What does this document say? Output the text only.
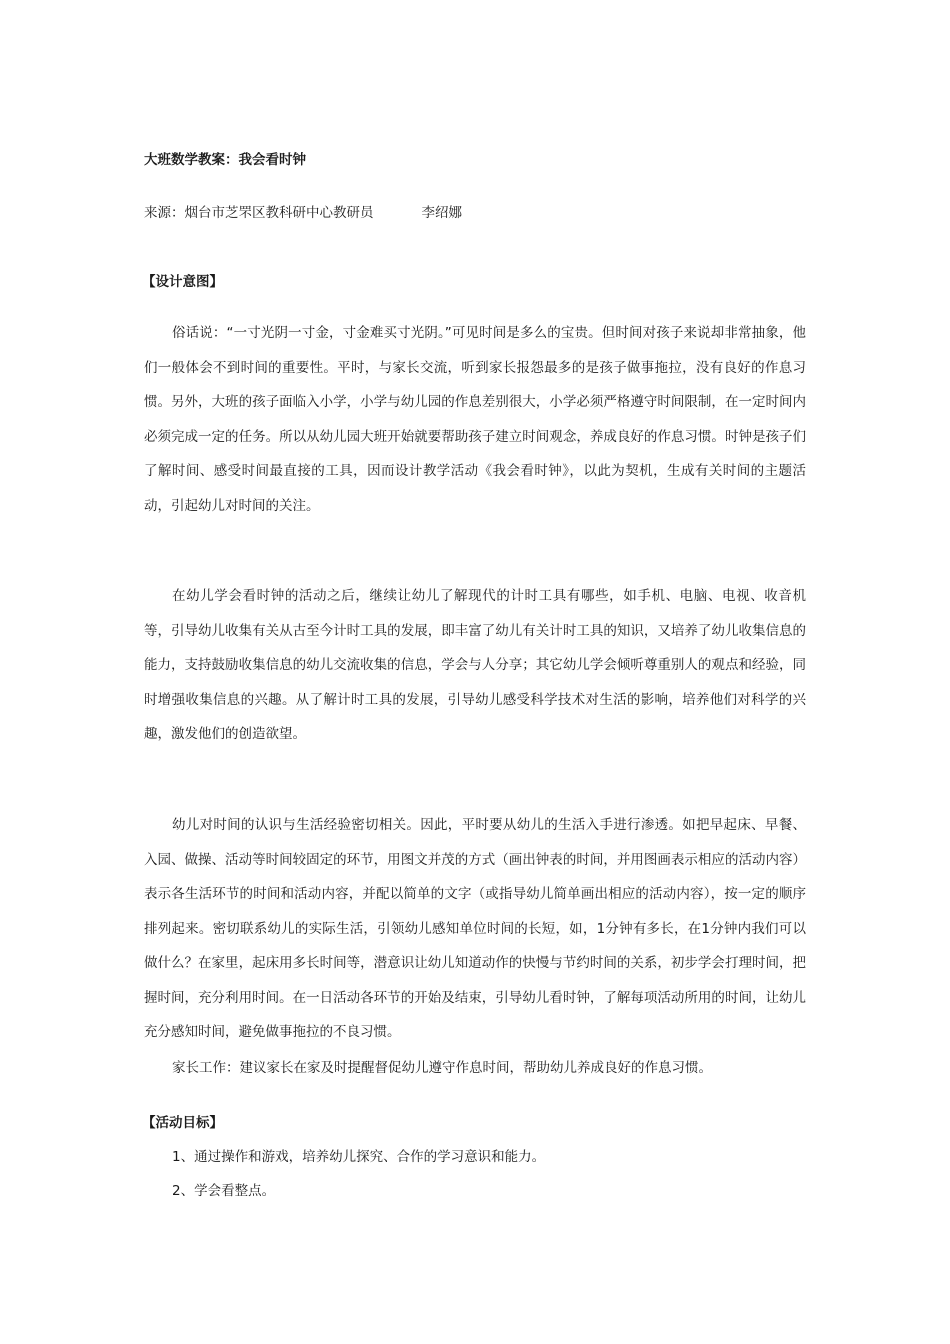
大班数学教案：我会看时钟
来源：烟台市芝罘区教科研中心教研员	李绍娜
【设计意图】

俗话说：“一寸光阴一寸金，寸金难买寸光阴。”可见时间是多么的宝贵。但时间对孩子来说却非常抽象，他们一般体会不到时间的重要性。平时，与家长交流，听到家长报怨最多的是孩子做事拖拉，没有良好的作息习惯。另外，大班的孩子面临入小学，小学与幼儿园的作息差别很大，小学必须严格遵守时间限制，在一定时间内必须完成一定的任务。所以从幼儿园大班开始就要帮助孩子建立时间观念，养成良好的作息习惯。时钟是孩子们了解时间、感受时间最直接的工具，因而设计教学活动《我会看时钟》，以此为契机，生成有关时间的主题活动，引起幼儿对时间的关注。

在幼儿学会看时钟的活动之后，继续让幼儿了解现代的计时工具有哪些，如手机、电脑、电视、收音机等，引导幼儿收集有关从古至今计时工具的发展，即丰富了幼儿有关计时工具的知识，又培养了幼儿收集信息的能力，支持鼓励收集信息的幼儿交流收集的信息，学会与人分享；其它幼儿学会倾听尊重别人的观点和经验，同时增强收集信息的兴趣。从了解计时工具的发展，引导幼儿感受科学技术对生活的影响，培养他们对科学的兴趣，激发他们的创造欲望。

幼儿对时间的认识与生活经验密切相关。因此，平时要从幼儿的生活入手进行渗透。如把早起床、早餐、入园、做操、活动等时间较固定的环节，用图文并茂的方式（画出钟表的时间，并用图画表示相应的活动内容）表示各生活环节的时间和活动内容，并配以简单的文字（或指导幼儿简单画出相应的活动内容），按一定的顺序排列起来。密切联系幼儿的实际生活，引领幼儿感知单位时间的长短，如，1分钟有多长，在1分钟内我们可以做什么？在家里，起床用多长时间等，潜意识让幼儿知道动作的快慢与节约时间的关系，初步学会打理时间，把握时间，充分利用时间。在一日活动各环节的开始及结束，引导幼儿看时钟，了解每项活动所用的时间，让幼儿充分感知时间，避免做事拖拉的不良习惯。

家长工作：建议家长在家及时提醒督促幼儿遵守作息时间，帮助幼儿养成良好的作息习惯。

【活动目标】
1、通过操作和游戏，培养幼儿探究、合作的学习意识和能力。
2、学会看整点。
